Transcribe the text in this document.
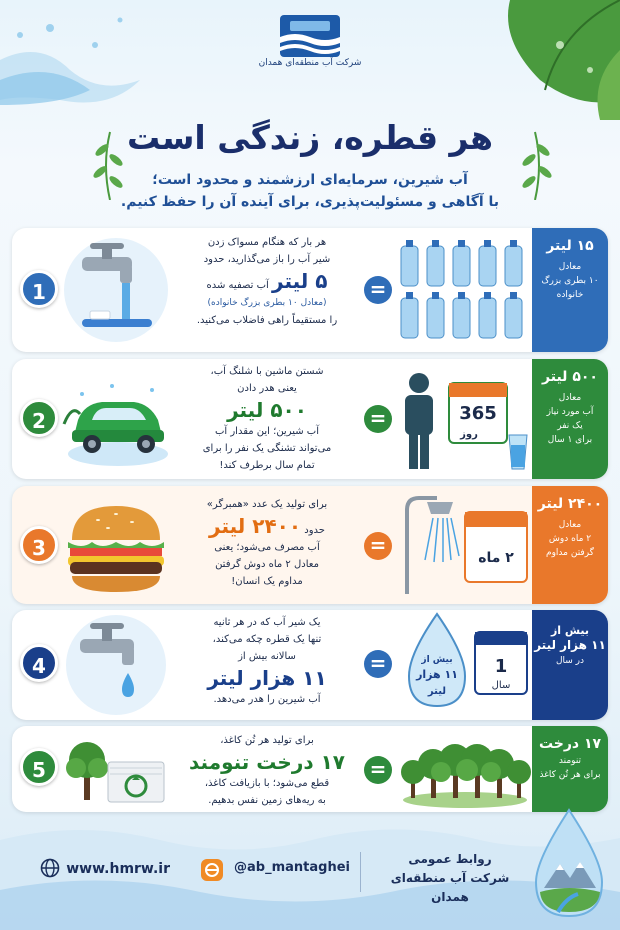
شرکت آب منطقه‌ای همدان
هر قطره، زندگی است
آب شیرین، سرمایه‌ای ارزشمند و محدود است؛
با آگاهی و مسئولیت‌پذیری، برای آینده آن را حفظ کنیم.
۱۵ لیتر
معادل
۱۰ بطری بزرگ
خانواده
=
هر بار که هنگام مسواک زدن
شیر آب را باز می‌گذارید، حدود
۵ لیتر آب تصفیه شده
(معادل ۱۰ بطری بزرگ خانواده)
را مستقیماً راهی فاضلاب می‌کنید.
1
۵۰۰ لیتر
معادل
آب مورد نیاز
یک نفر
برای ۱ سال
365
روز
=
شستن ماشین با شلنگ آب،
یعنی هدر دادن
۵۰۰ لیتر
آب شیرین؛ این مقدار آب
می‌تواند تشنگی یک نفر را برای
تمام سال برطرف کند!
2
۲۴۰۰ لیتر
معادل
۲ ماه دوش
گرفتن مداوم
۲ ماه
=
برای تولید یک عدد «همبرگر»
حدود ۲۴۰۰ لیتر
آب مصرف می‌شود؛ یعنی
معادل ۲ ماه دوش گرفتن
مداوم یک انسان!
3
بیش از
۱۱ هزار لیتر
در سال
بیش از
۱۱ هزار
لیتر
1
سال
=
یک شیر آب که در هر ثانیه
تنها یک قطره چکه می‌کند،
سالانه بیش از
۱۱ هزار لیتر
آب شیرین را هدر می‌دهد.
4
۱۷ درخت
تنومند
برای هر تُن کاغذ
=
برای تولید هر تُن کاغذ،
۱۷ درخت تنومند
قطع می‌شود؛ با بازیافت کاغذ،
به ریه‌های زمین نفس بدهیم.
5
www.hmrw.ir	@ab_mantaghei
روابط عمومی
شرکت آب منطقه‌ای همدان
